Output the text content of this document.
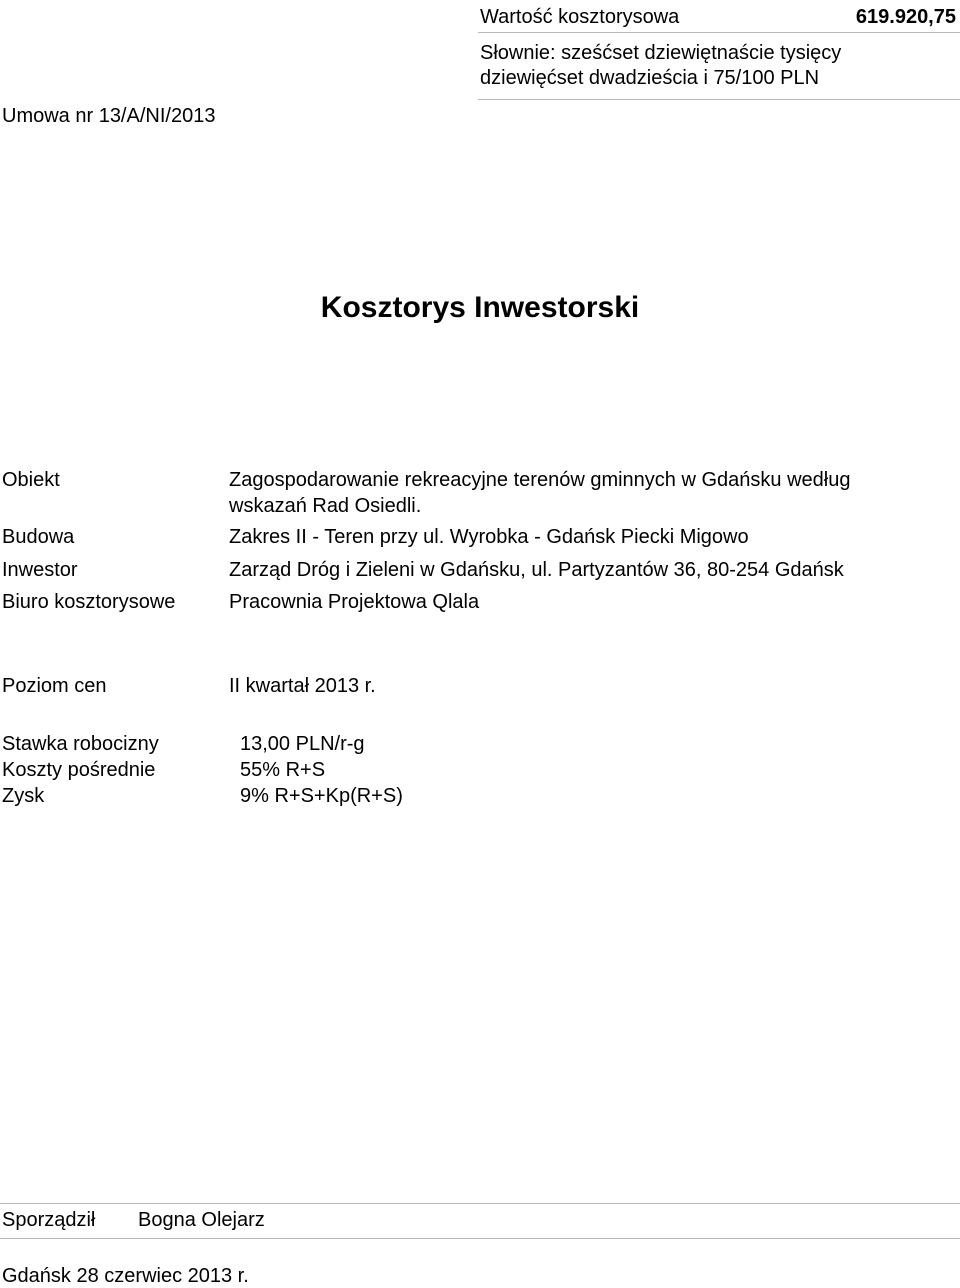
Wartość kosztorysowa	619.920,75
Słownie: sześćset dziewiętnaście tysięcy
dziewięćset dwadzieścia i 75/100 PLN
Umowa nr 13/A/NI/2013
Kosztorys Inwestorski
Obiekt	Zagospodarowanie rekreacyjne terenów gminnych w Gdańsku według
wskazań Rad Osiedli.
Budowa	Zakres II - Teren przy ul. Wyrobka - Gdańsk Piecki Migowo
Inwestor	Zarząd Dróg i Zieleni w Gdańsku, ul. Partyzantów 36, 80-254 Gdańsk
Biuro kosztorysowe	Pracownia Projektowa Qlala
Poziom cen	II kwartał 2013 r.
Stawka robocizny	13,00 PLN/r-g
Koszty pośrednie	55% R+S
Zysk	9% R+S+Kp(R+S)
Sporządził Bogna Olejarz
Gdańsk 28 czerwiec 2013 r.
